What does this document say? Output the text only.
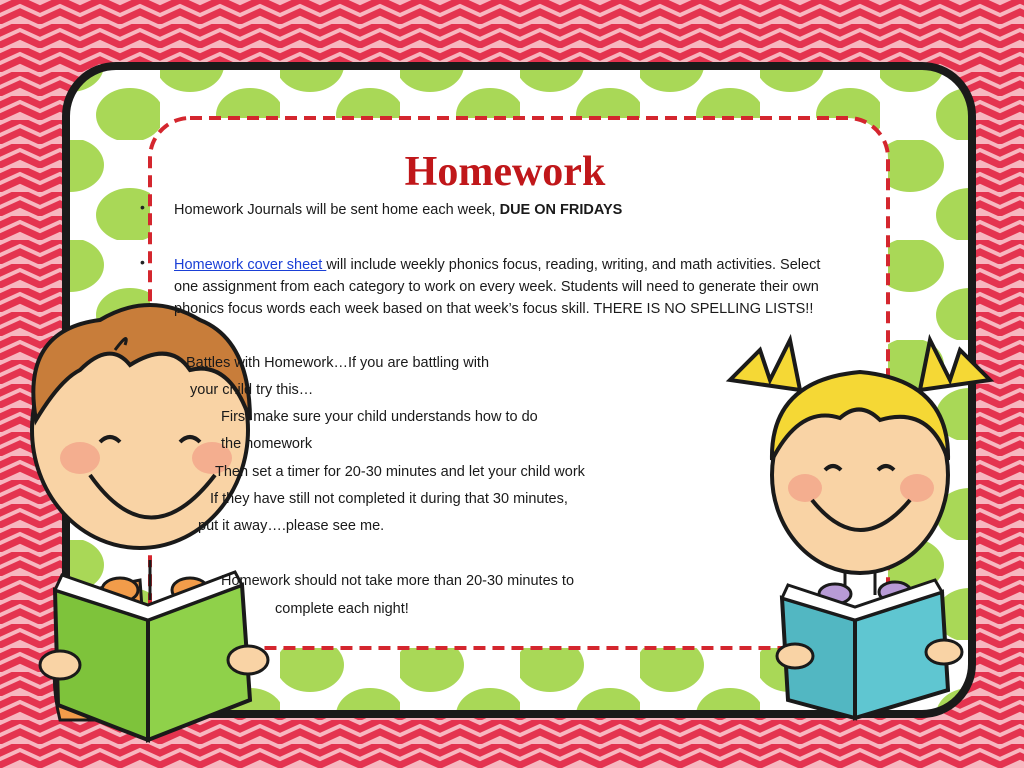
Homework
• Homework Journals will be sent home each week, DUE ON FRIDAYS
• Homework cover sheet will include weekly phonics focus, reading, writing, and math activities. Select
one assignment from each category to work on every week. Students will need to generate their own
phonics focus words each week based on that week’s focus skill. THERE IS NO SPELLING LISTS!!
Battles with Homework…If you are battling with
your child try this…
First make sure your child understands how to do
the homework
Then set a timer for 20-30 minutes and let your child work
If they have still not completed it during that 30 minutes,
put it away….please see me.
Homework should not take more than 20-30 minutes to
complete each night!
